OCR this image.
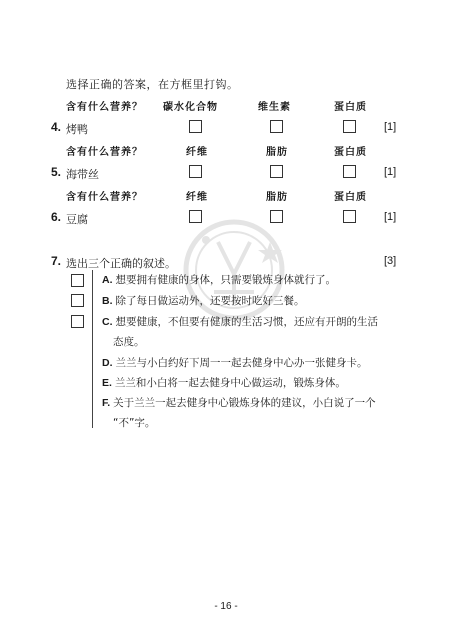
选择正确的答案，在方框里打钩。
含有什么营养？ 碳水化合物	维生素	蛋白质
4. 烤鸭	[1]
含有什么营养？	纤维	脂肪	蛋白质
5. 海带丝	[1]
含有什么营养？	纤维	脂肪	蛋白质
6. 豆腐	[1]
7. 选出三个正确的叙述。	[3]
A. 想要拥有健康的身体，只需要锻炼身体就行了。
B. 除了每日做运动外，还要按时吃好三餐。
C. 想要健康，不但要有健康的生活习惯，还应有开朗的生活
态度。
D. 兰兰与小白约好下周一一起去健身中心办一张健身卡。
E. 兰兰和小白将一起去健身中心做运动，锻炼身体。
F. 关于兰兰一起去健身中心锻炼身体的建议，小白说了一个
“不”字。
- 16 -
